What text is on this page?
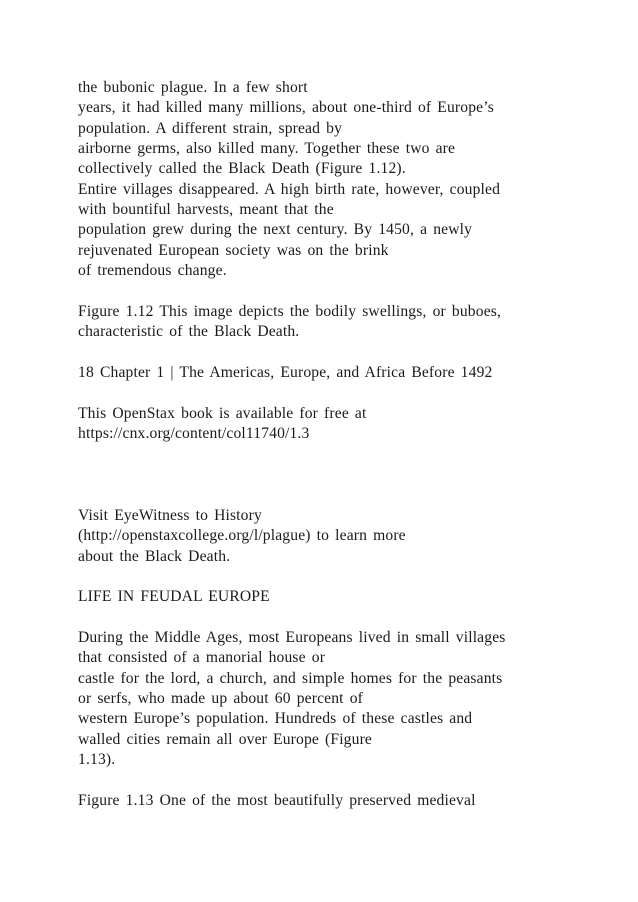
the bubonic plague. In a few short
years, it had killed many millions, about one-third of Europe’s
population. A different strain, spread by
airborne germs, also killed many. Together these two are
collectively called the Black Death (Figure 1.12).
Entire villages disappeared. A high birth rate, however, coupled
with bountiful harvests, meant that the
population grew during the next century. By 1450, a newly
rejuvenated European society was on the brink
of tremendous change.
Figure 1.12 This image depicts the bodily swellings, or buboes,
characteristic of the Black Death.
18 Chapter 1 | The Americas, Europe, and Africa Before 1492
This OpenStax book is available for free at
https://cnx.org/content/col11740/1.3
Visit EyeWitness to History
(http://openstaxcollege.org/l/plague) to learn more
about the Black Death.
LIFE IN FEUDAL EUROPE
During the Middle Ages, most Europeans lived in small villages
that consisted of a manorial house or
castle for the lord, a church, and simple homes for the peasants
or serfs, who made up about 60 percent of
western Europe’s population. Hundreds of these castles and
walled cities remain all over Europe (Figure
1.13).
Figure 1.13 One of the most beautifully preserved medieval
